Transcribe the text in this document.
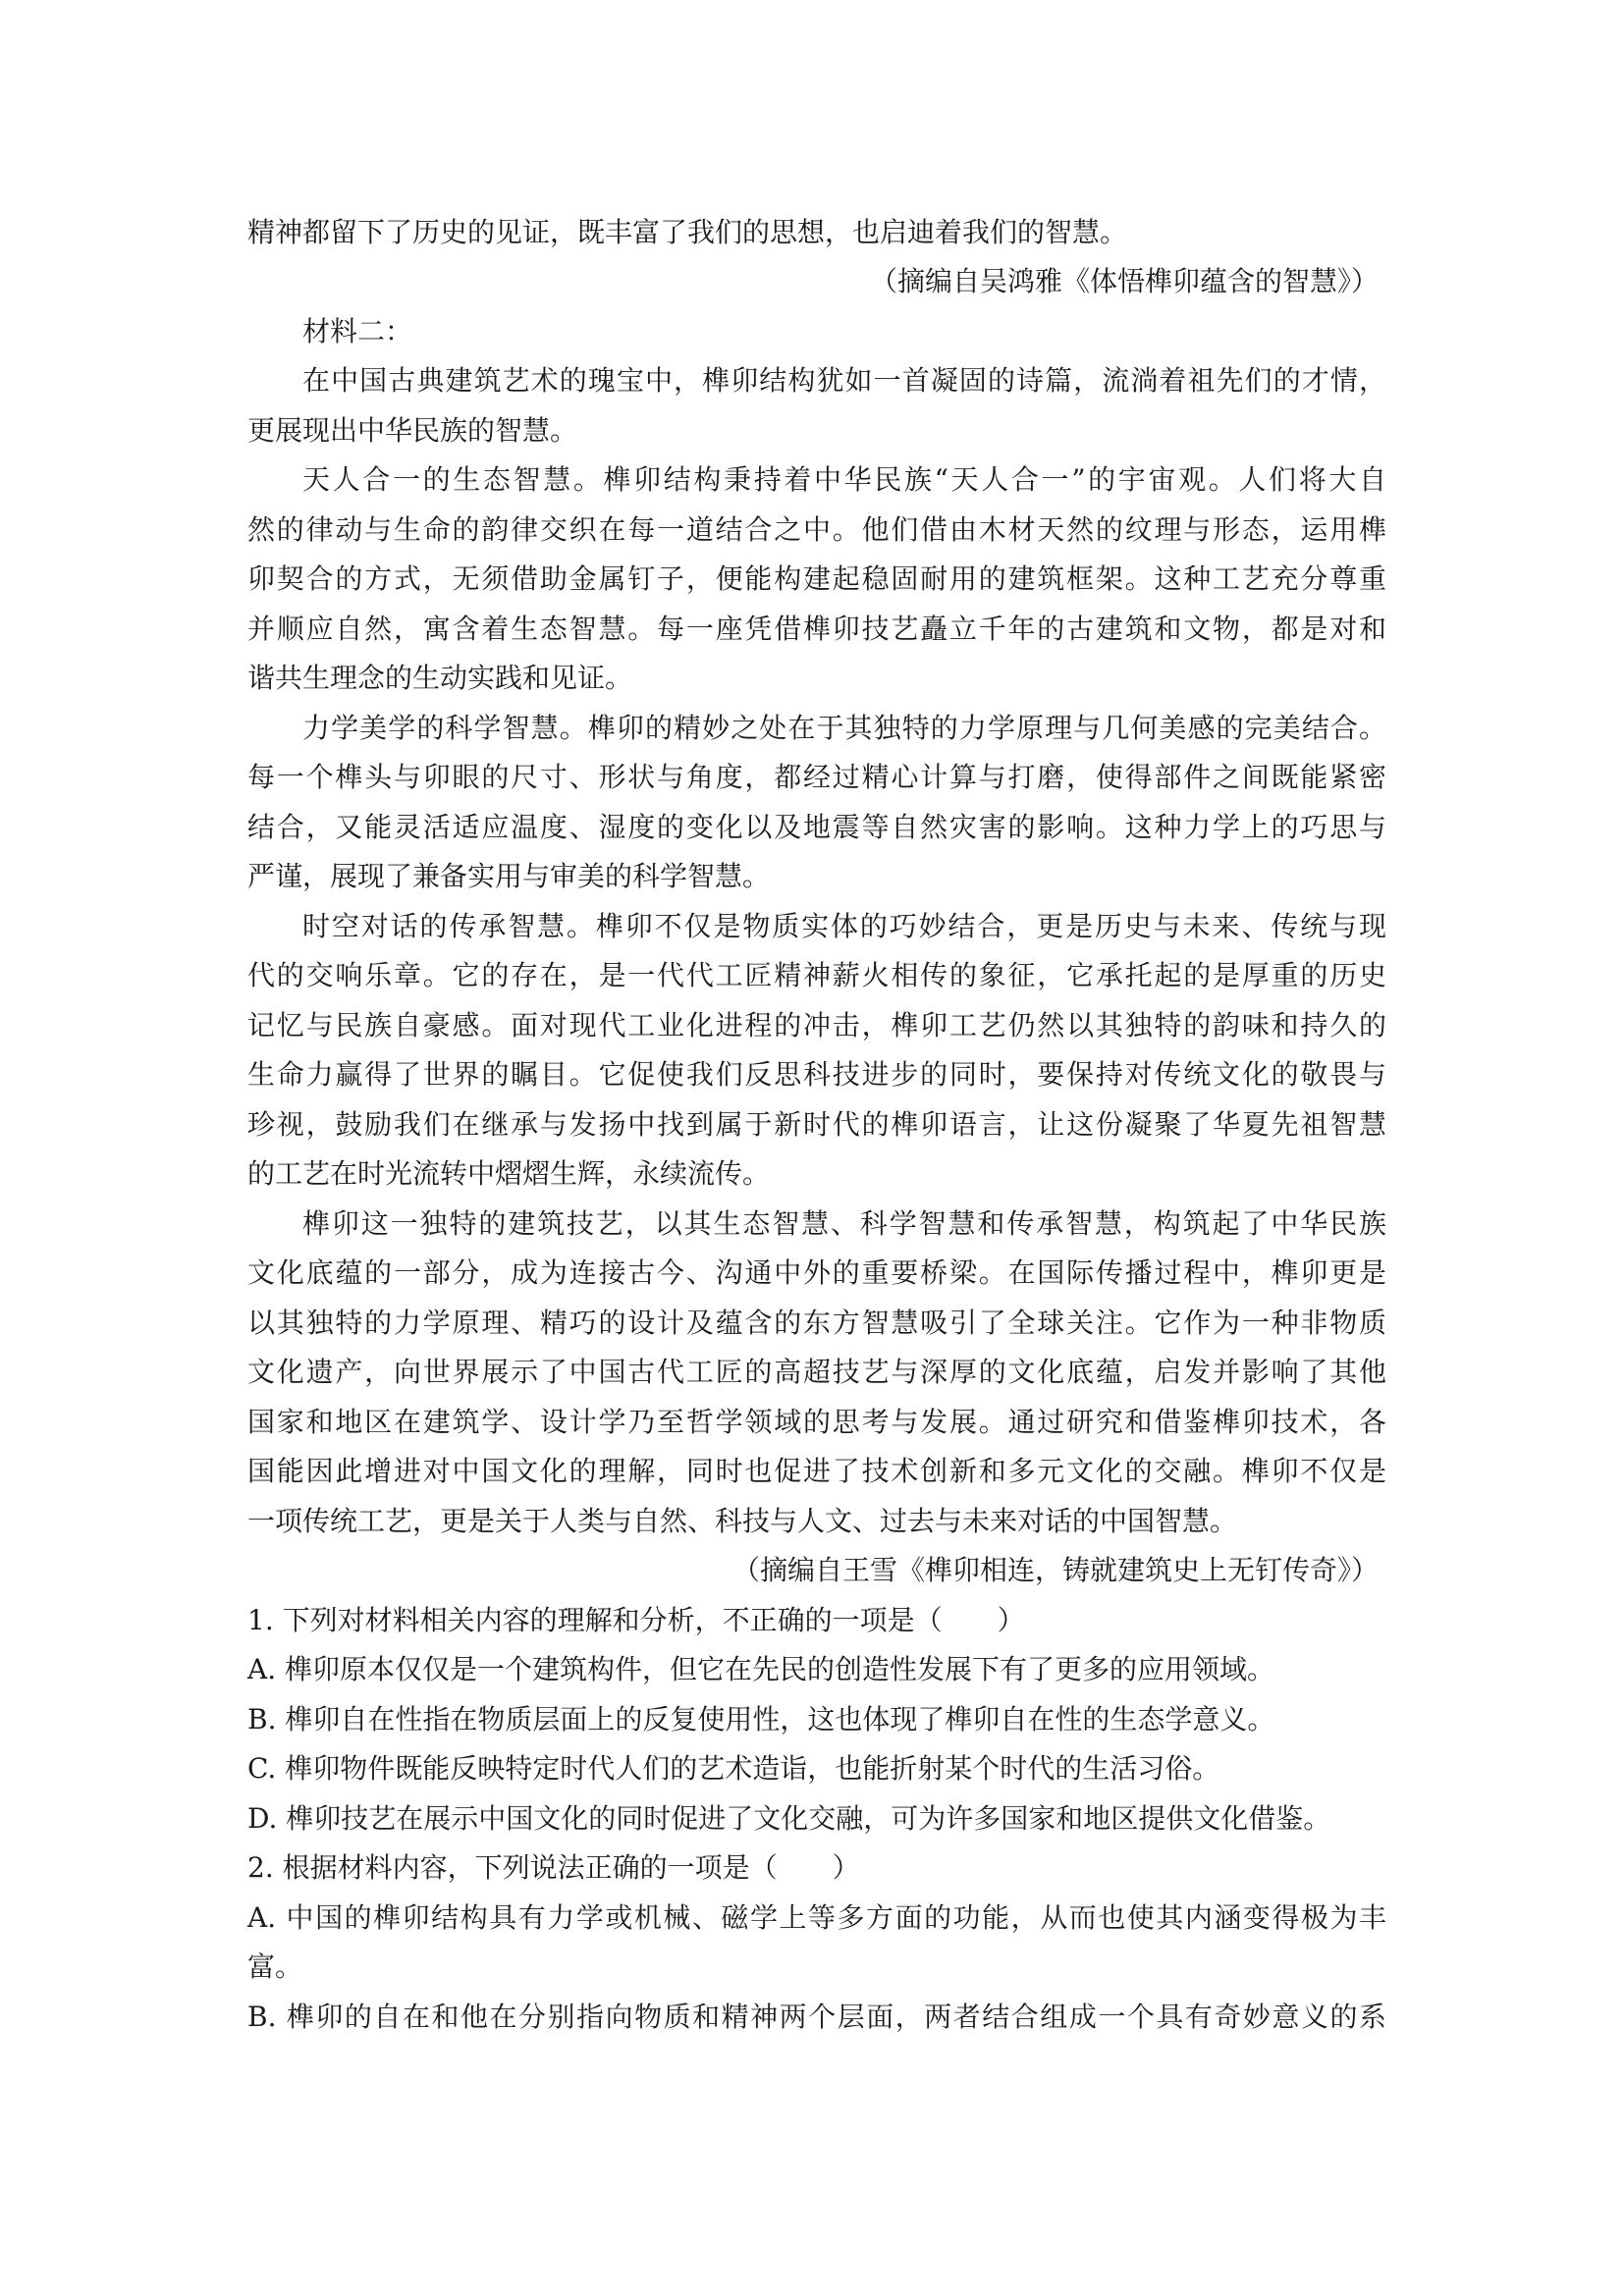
精神都留下了历史的见证，既丰富了我们的思想，也启迪着我们的智慧。
（摘编自吴鸿雅《体悟榫卯蕴含的智慧》）
材料二：
在中国古典建筑艺术的瑰宝中，榫卯结构犹如一首凝固的诗篇，流淌着祖先们的才情，
更展现出中华民族的智慧。
天人合一的生态智慧。榫卯结构秉持着中华民族“天人合一”的宇宙观。人们将大自
然的律动与生命的韵律交织在每一道结合之中。他们借由木材天然的纹理与形态，运用榫
卯契合的方式，无须借助金属钉子，便能构建起稳固耐用的建筑框架。这种工艺充分尊重
并顺应自然，寓含着生态智慧。每一座凭借榫卯技艺矗立千年的古建筑和文物，都是对和
谐共生理念的生动实践和见证。
力学美学的科学智慧。榫卯的精妙之处在于其独特的力学原理与几何美感的完美结合。
每一个榫头与卯眼的尺寸、形状与角度，都经过精心计算与打磨，使得部件之间既能紧密
结合，又能灵活适应温度、湿度的变化以及地震等自然灾害的影响。这种力学上的巧思与
严谨，展现了兼备实用与审美的科学智慧。
时空对话的传承智慧。榫卯不仅是物质实体的巧妙结合，更是历史与未来、传统与现
代的交响乐章。它的存在，是一代代工匠精神薪火相传的象征，它承托起的是厚重的历史
记忆与民族自豪感。面对现代工业化进程的冲击，榫卯工艺仍然以其独特的韵味和持久的
生命力赢得了世界的瞩目。它促使我们反思科技进步的同时，要保持对传统文化的敬畏与
珍视，鼓励我们在继承与发扬中找到属于新时代的榫卯语言，让这份凝聚了华夏先祖智慧
的工艺在时光流转中熠熠生辉，永续流传。
榫卯这一独特的建筑技艺，以其生态智慧、科学智慧和传承智慧，构筑起了中华民族
文化底蕴的一部分，成为连接古今、沟通中外的重要桥梁。在国际传播过程中，榫卯更是
以其独特的力学原理、精巧的设计及蕴含的东方智慧吸引了全球关注。它作为一种非物质
文化遗产，向世界展示了中国古代工匠的高超技艺与深厚的文化底蕴，启发并影响了其他
国家和地区在建筑学、设计学乃至哲学领域的思考与发展。通过研究和借鉴榫卯技术，各
国能因此增进对中国文化的理解，同时也促进了技术创新和多元文化的交融。榫卯不仅是
一项传统工艺，更是关于人类与自然、科技与人文、过去与未来对话的中国智慧。
（摘编自王雪《榫卯相连，铸就建筑史上无钉传奇》）
1. 下列对材料相关内容的理解和分析，不正确的一项是（　　）
A. 榫卯原本仅仅是一个建筑构件，但它在先民的创造性发展下有了更多的应用领域。
B. 榫卯自在性指在物质层面上的反复使用性，这也体现了榫卯自在性的生态学意义。
C. 榫卯物件既能反映特定时代人们的艺术造诣，也能折射某个时代的生活习俗。
D. 榫卯技艺在展示中国文化的同时促进了文化交融，可为许多国家和地区提供文化借鉴。
2. 根据材料内容，下列说法正确的一项是（　　）
A. 中国的榫卯结构具有力学或机械、磁学上等多方面的功能，从而也使其内涵变得极为丰
富。
B. 榫卯的自在和他在分别指向物质和精神两个层面，两者结合组成一个具有奇妙意义的系
